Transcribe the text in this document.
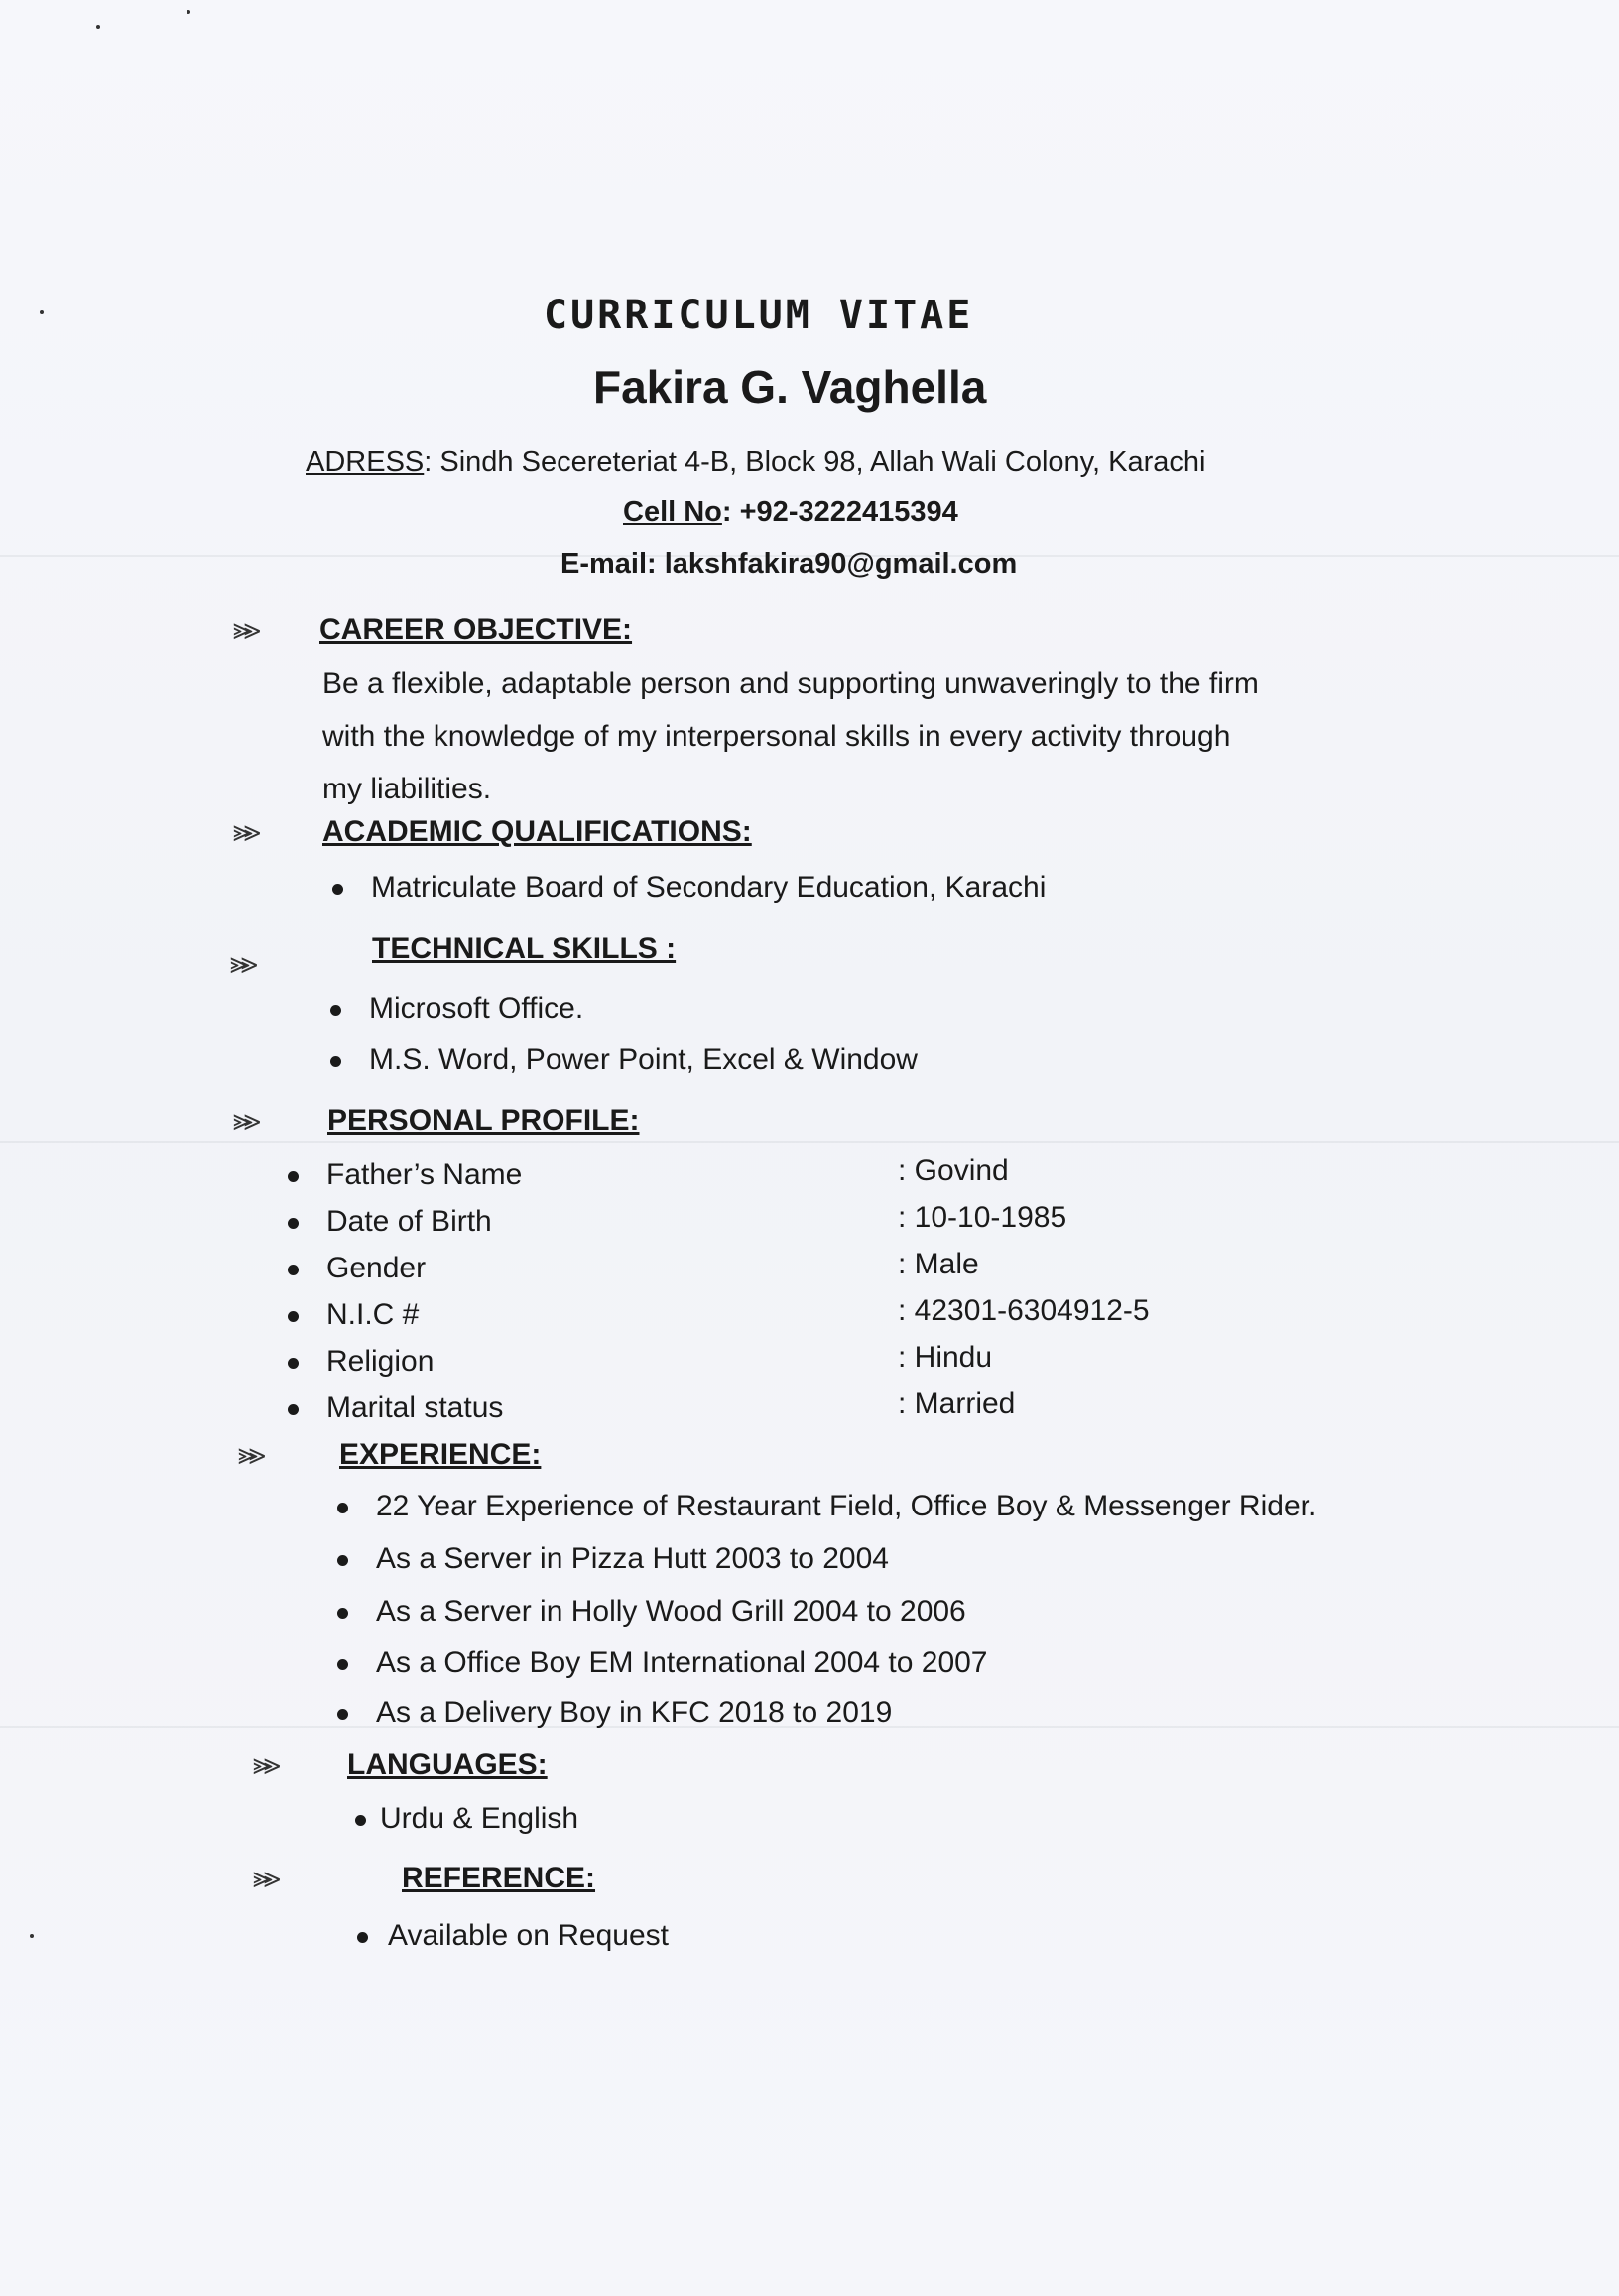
CURRICULUM VITAE
Fakira G. Vaghella
ADRESS: Sindh Secereteriat 4-B, Block 98, Allah Wali Colony, Karachi
Cell No: +92-3222415394
E-mail: lakshfakira90@gmail.com
⪢⪢ CAREER OBJECTIVE:
Be a flexible, adaptable person and supporting unwaveringly to the firm
with the knowledge of my interpersonal skills in every activity through
my liabilities.
⪢⪢ ACADEMIC QUALIFICATIONS:
Matriculate Board of Secondary Education, Karachi
⪢⪢	TECHNICAL SKILLS :
Microsoft Office.
M.S. Word, Power Point, Excel & Window
⪢⪢ PERSONAL PROFILE:
Father’s Name	: Govind
Date of Birth	: 10-10-1985
Gender	: Male
N.I.C #	: 42301-6304912-5
Religion	: Hindu
Marital status	: Married
⪢⪢	EXPERIENCE:
22 Year Experience of Restaurant Field, Office Boy & Messenger Rider.
As a Server in Pizza Hutt 2003 to 2004
As a Server in Holly Wood Grill 2004 to 2006
As a Office Boy EM International 2004 to 2007
As a Delivery Boy in KFC 2018 to 2019
⪢⪢ LANGUAGES:
Urdu & English
⪢⪢	REFERENCE:
Available on Request
